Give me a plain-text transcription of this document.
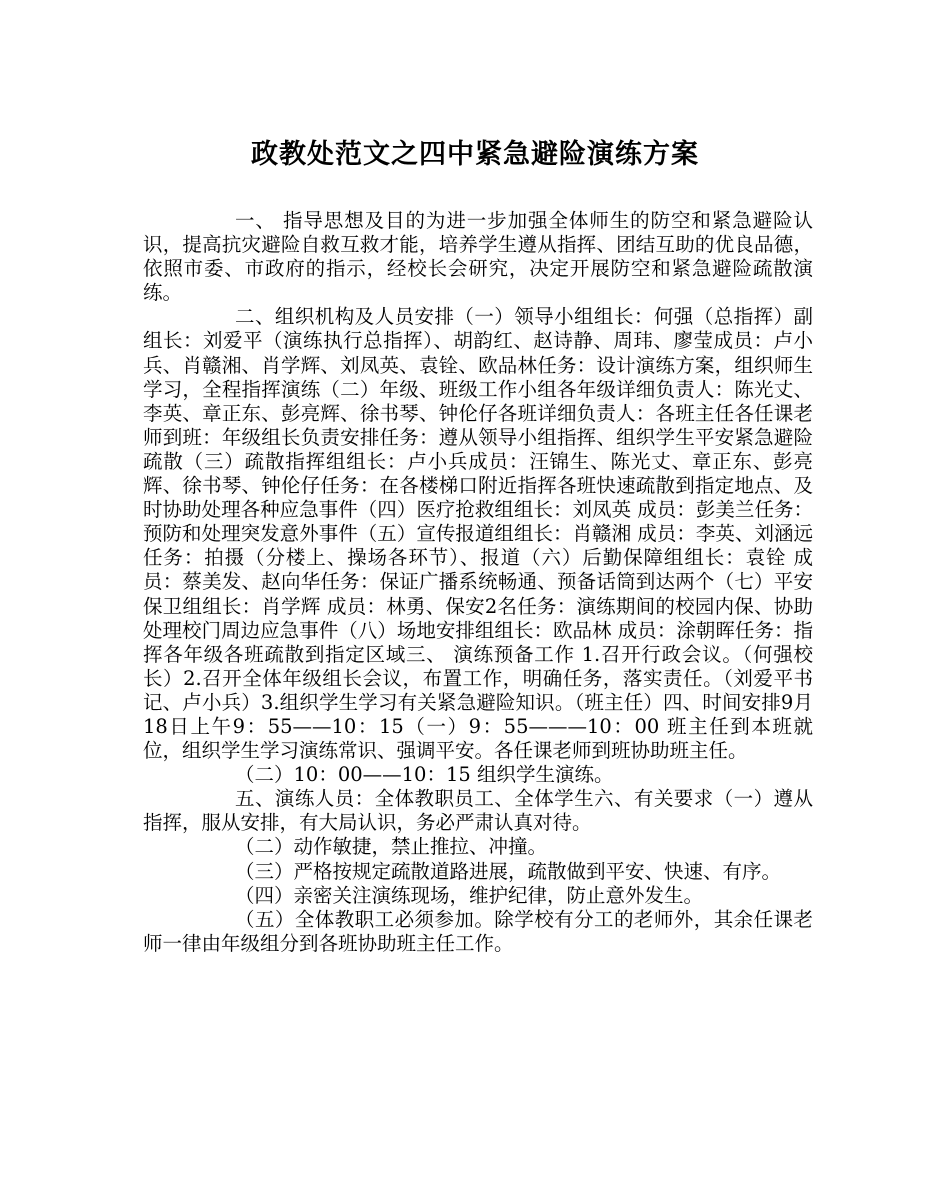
政教处范文之四中紧急避险演练方案

一、 指导思想及目的为进一步加强全体师生的防空和紧急避险认识，提高抗灾避险自救互救才能，培养学生遵从指挥、团结互助的优良品德，依照市委、市政府的指示，经校长会研究，决定开展防空和紧急避险疏散演练。

二、组织机构及人员安排（一）领导小组组长：何强（总指挥）副组长：刘爱平（演练执行总指挥）、胡韵红、赵诗静、周玮、廖莹成员：卢小兵、肖赣湘、肖学辉、刘凤英、袁铨、欧品林任务：设计演练方案，组织师生学习，全程指挥演练（二）年级、班级工作小组各年级详细负责人：陈光丈、李英、章正东、彭亮辉、徐书琴、钟伦仔各班详细负责人：各班主任各任课老师到班：年级组长负责安排任务：遵从领导小组指挥、组织学生平安紧急避险疏散（三）疏散指挥组组长：卢小兵成员：汪锦生、陈光丈、章正东、彭亮辉、徐书琴、钟伦仔任务：在各楼梯口附近指挥各班快速疏散到指定地点、及时协助处理各种应急事件（四）医疗抢救组组长：刘凤英 成员：彭美兰任务：预防和处理突发意外事件（五）宣传报道组组长：肖赣湘 成员：李英、刘涵远任务：拍摄（分楼上、操场各环节）、报道（六）后勤保障组组长：袁铨 成员：蔡美发、赵向华任务：保证广播系统畅通、预备话筒到达两个（七）平安保卫组组长：肖学辉 成员：林勇、保安2名任务：演练期间的校园内保、协助处理校门周边应急事件（八）场地安排组组长：欧品林 成员：涂朝晖任务：指挥各年级各班疏散到指定区域三、 演练预备工作 1.召开行政会议。（何强校长）2.召开全体年级组长会议，布置工作，明确任务，落实责任。（刘爱平书记、卢小兵）3.组织学生学习有关紧急避险知识。（班主任）四、时间安排9月18日上午9：55——10：15（一）9：55———10：00 班主任到本班就位，组织学生学习演练常识、强调平安。各任课老师到班协助班主任。

（二）10：00——10：15 组织学生演练。

五、演练人员：全体教职员工、全体学生六、有关要求（一）遵从指挥，服从安排，有大局认识，务必严肃认真对待。

（二）动作敏捷，禁止推拉、冲撞。

（三）严格按规定疏散道路进展，疏散做到平安、快速、有序。

（四）亲密关注演练现场，维护纪律，防止意外发生。

（五）全体教职工必须参加。除学校有分工的老师外，其余任课老师一律由年级组分到各班协助班主任工作。
